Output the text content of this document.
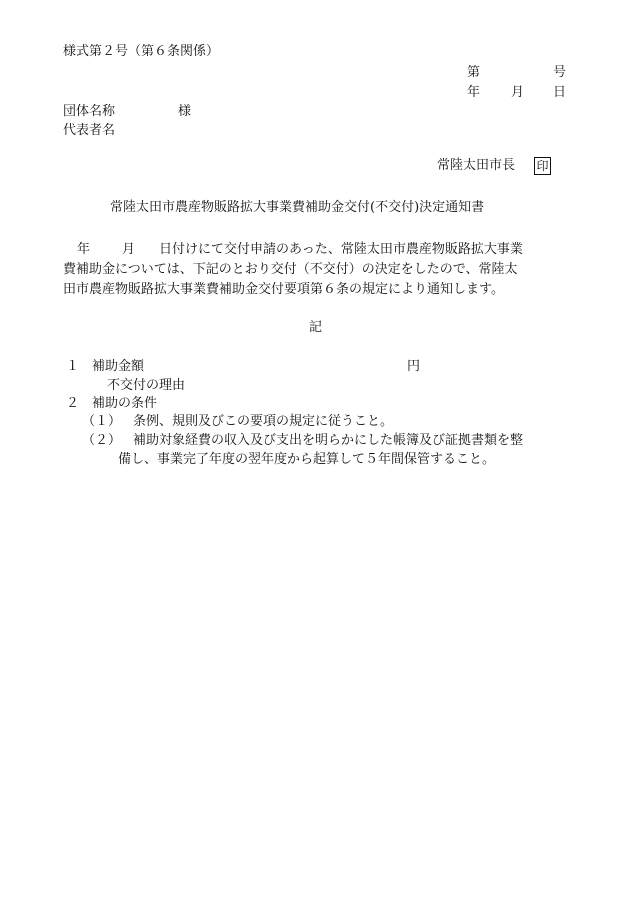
様式第２号（第６条関係）
第	号
年 月 日
団体名称	様
代表者名
常陸太田市長 印
常陸太田市農産物販路拡大事業費補助金交付(不交付)決定通知書
年 月 日付けにて交付申請のあった、常陸太田市農産物販路拡大事業
費補助金については、下記のとおり交付（不交付）の決定をしたので、常陸太
田市農産物販路拡大事業費補助金交付要項第６条の規定により通知します。
記
１ 補助金額	円
不交付の理由
２ 補助の条件
（１） 条例、規則及びこの要項の規定に従うこと。
（２） 補助対象経費の収入及び支出を明らかにした帳簿及び証拠書類を整
備し、事業完了年度の翌年度から起算して５年間保管すること。
